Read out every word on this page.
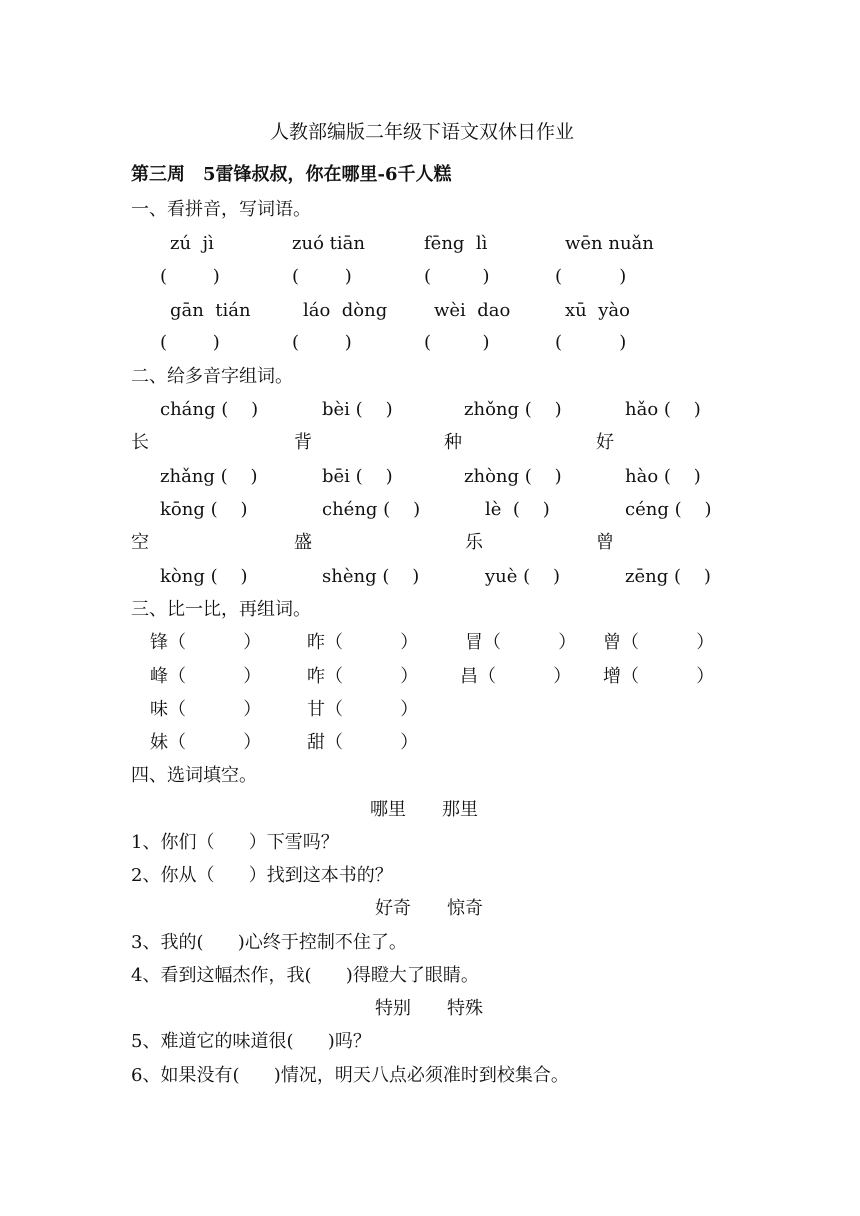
人教部编版二年级下语文双休日作业
第三周　5雷锋叔叔，你在哪里-6千人糕
一、看拼音，写词语。
zú  jì	zuó tiān	fēng  lì	wēn nuǎn
(        )	(        )	(         )	(          )
gān  tián	láo  dòng	wèi  dao	xū  yào
(        )	(        )	(         )	(          )
二、给多音字组词。
cháng (    )	bèi (    )	zhǒng (    )	hǎo (    )
长	背	种	好
zhǎng (    )	bēi (    )	zhòng (    )	hào (    )
kōng (    )	chéng (    )	lè  (    )	céng (    )
空	盛	乐	曾
kòng (    )	shèng (    )	yuè (    )	zēng (    )
三、比一比，再组词。
锋（          ）	昨（          ）	冒（          ） 曾（          ）
峰（          ）	咋（          ） 昌（          ） 增（          ）
味（          ）	甘（          ）
妹（          ）	甜（          ）
四、选词填空。
哪里　　那里
1、你们（      ）下雪吗？
2、你从（      ）找到这本书的？
好奇　　惊奇
3、我的(      )心终于控制不住了。
4、看到这幅杰作，我(      )得瞪大了眼睛。
特别　　特殊
5、难道它的味道很(      )吗？
6、如果没有(      )情况，明天八点必须准时到校集合。
